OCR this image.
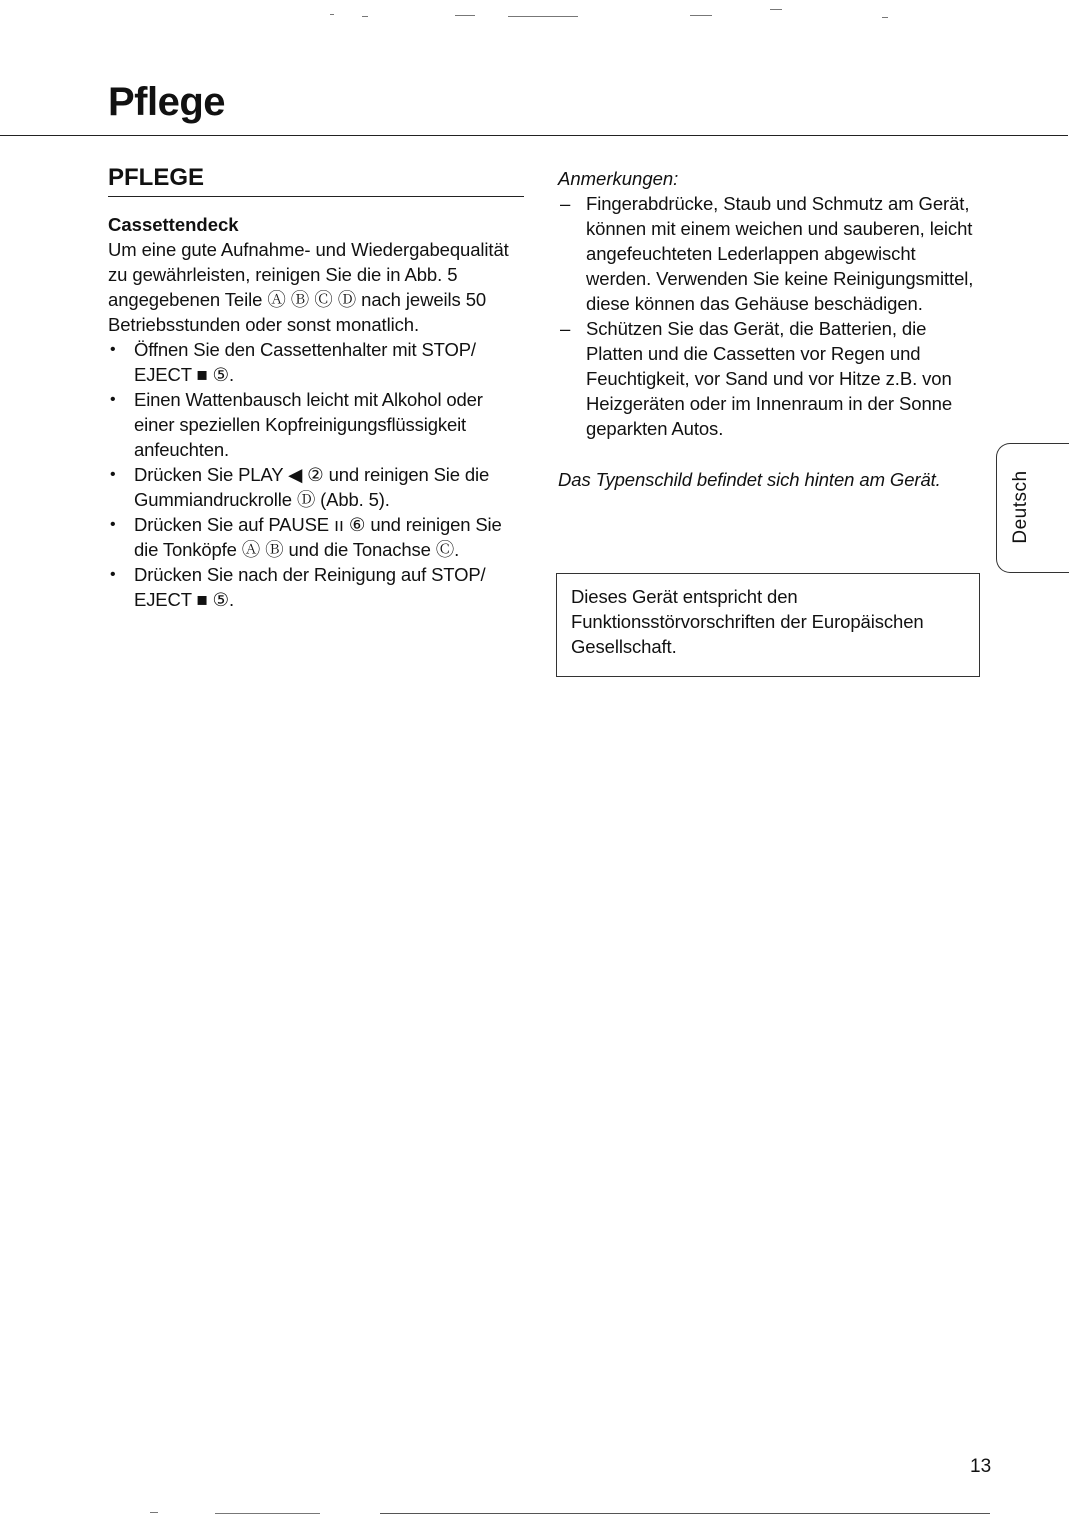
Pflege
PFLEGE

Cassettendeck

Um eine gute Aufnahme- und Wiedergabequalität zu gewährleisten, reinigen Sie die in Abb. 5 angegebenen Teile Ⓐ Ⓑ Ⓒ Ⓓ nach jeweils 50 Betriebsstunden oder sonst monatlich.

• Öffnen Sie den Cassettenhalter mit STOP/ EJECT ■ ⑤.
• Einen Wattenbausch leicht mit Alkohol oder einer speziellen Kopfreinigungsflüssigkeit anfeuchten.
• Drücken Sie PLAY ◀ ② und reinigen Sie die Gummiandruckrolle Ⓓ (Abb. 5).
• Drücken Sie auf PAUSE ıı ⑥ und reinigen Sie die Tonköpfe Ⓐ Ⓑ und die Tonachse Ⓒ.
• Drücken Sie nach der Reinigung auf STOP/ EJECT ■ ⑤.

Anmerkungen:

– Fingerabdrücke, Staub und Schmutz am Gerät, können mit einem weichen und sauberen, leicht angefeuchteten Lederlappen abgewischt werden. Verwenden Sie keine Reinigungsmittel, diese können das Gehäuse beschädigen.
– Schützen Sie das Gerät, die Batterien, die Platten und die Cassetten vor Regen und Feuchtigkeit, vor Sand und vor Hitze z.B. von Heizgeräten oder im Innenraum in der Sonne geparkten Autos.

Das Typenschild befindet sich hinten am Gerät.

Dieses Gerät entspricht den Funktionsstörvorschriften der Europäischen Gesellschaft.

Deutsch

13
